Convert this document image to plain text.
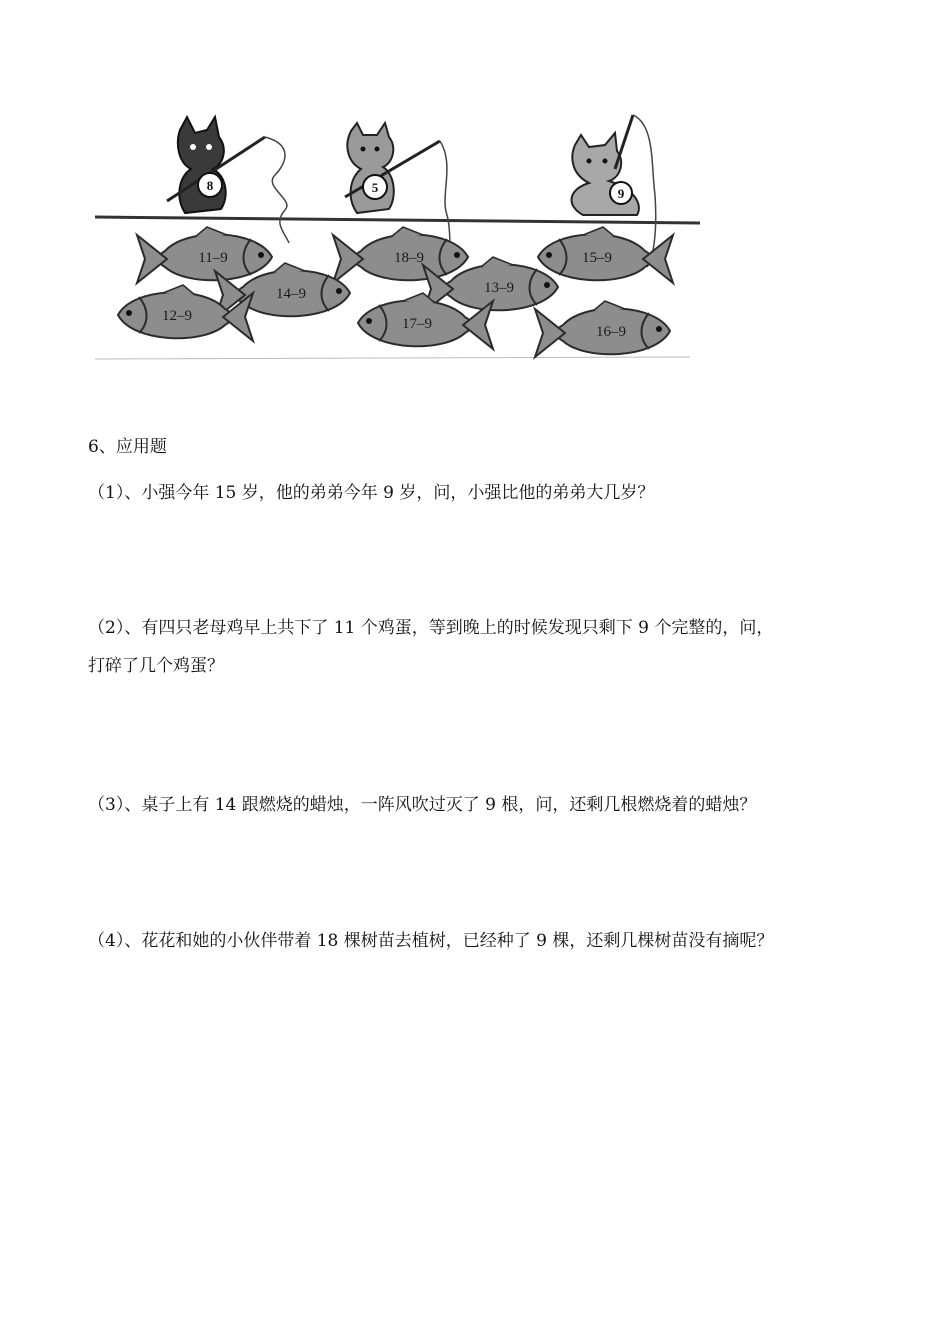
8	5	9
11–9	18–9	15–9
14–9	13–9
12–9	17–9	16–9
6、应用题
（1）、小强今年 15 岁，他的弟弟今年 9 岁，问，小强比他的弟弟大几岁？
（2）、有四只老母鸡早上共下了 11 个鸡蛋，等到晚上的时候发现只剩下 9 个完整的，问，
打碎了几个鸡蛋？
（3）、桌子上有 14 跟燃烧的蜡烛，一阵风吹过灭了 9 根，问，还剩几根燃烧着的蜡烛？
（4）、花花和她的小伙伴带着 18 棵树苗去植树，已经种了 9 棵，还剩几棵树苗没有摘呢？
